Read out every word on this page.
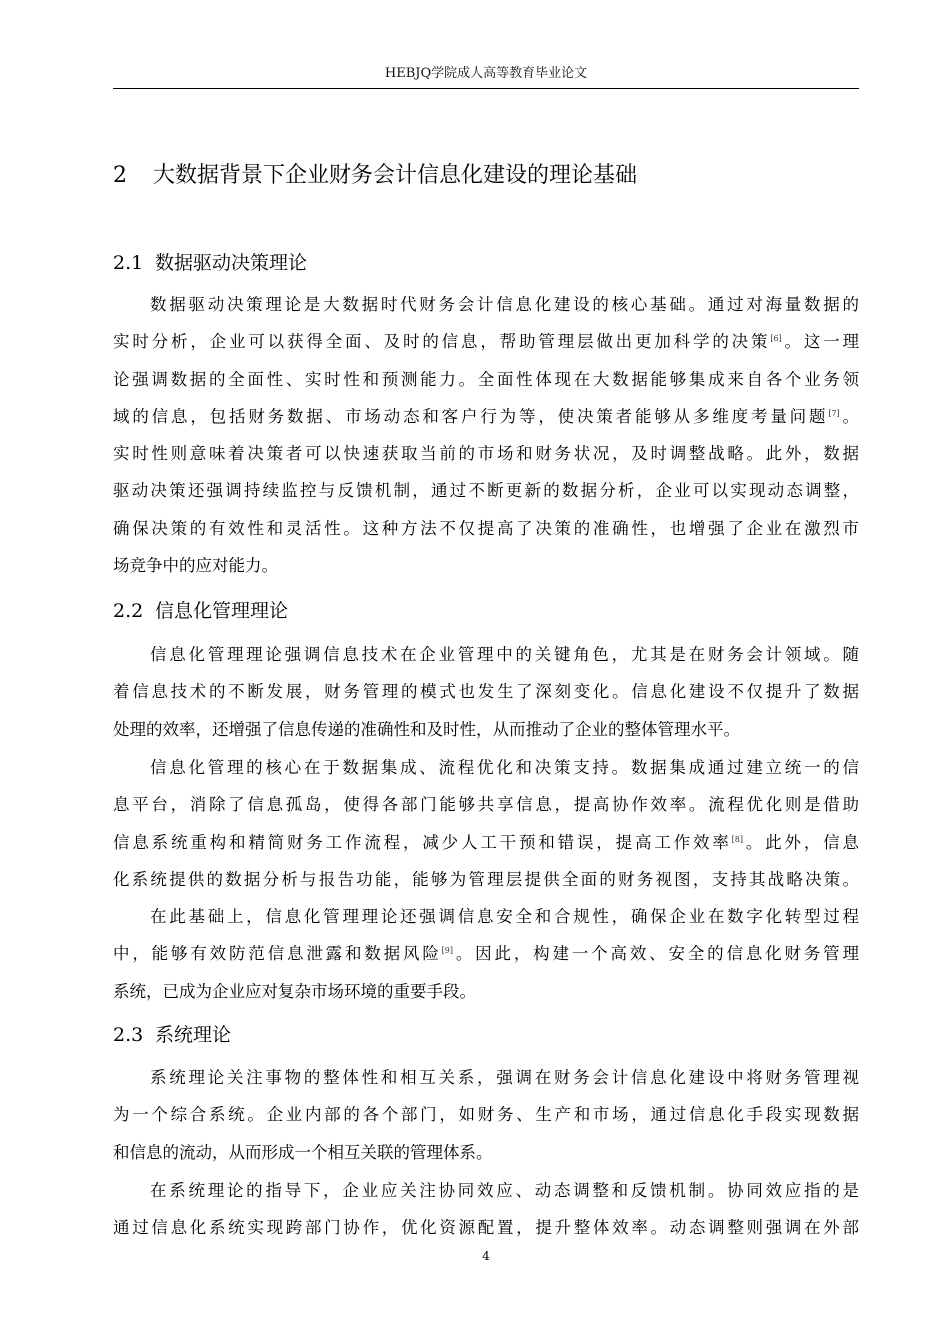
HEBJQ学院成人高等教育毕业论文
2 大数据背景下企业财务会计信息化建设的理论基础
2.1 数据驱动决策理论
数据驱动决策理论是大数据时代财务会计信息化建设的核心基础。通过对海量数据的
实时分析，企业可以获得全面、及时的信息，帮助管理层做出更加科学的决策[6]。这一理
论强调数据的全面性、实时性和预测能力。全面性体现在大数据能够集成来自各个业务领
域的信息，包括财务数据、市场动态和客户行为等，使决策者能够从多维度考量问题[7]。
实时性则意味着决策者可以快速获取当前的市场和财务状况，及时调整战略。此外，数据
驱动决策还强调持续监控与反馈机制，通过不断更新的数据分析，企业可以实现动态调整，
确保决策的有效性和灵活性。这种方法不仅提高了决策的准确性，也增强了企业在激烈市
场竞争中的应对能力。
2.2 信息化管理理论
信息化管理理论强调信息技术在企业管理中的关键角色，尤其是在财务会计领域。随
着信息技术的不断发展，财务管理的模式也发生了深刻变化。信息化建设不仅提升了数据
处理的效率，还增强了信息传递的准确性和及时性，从而推动了企业的整体管理水平。
信息化管理的核心在于数据集成、流程优化和决策支持。数据集成通过建立统一的信
息平台，消除了信息孤岛，使得各部门能够共享信息，提高协作效率。流程优化则是借助
信息系统重构和精简财务工作流程，减少人工干预和错误，提高工作效率[8]。此外，信息
化系统提供的数据分析与报告功能，能够为管理层提供全面的财务视图，支持其战略决策。
在此基础上，信息化管理理论还强调信息安全和合规性，确保企业在数字化转型过程
中，能够有效防范信息泄露和数据风险[9]。因此，构建一个高效、安全的信息化财务管理
系统，已成为企业应对复杂市场环境的重要手段。
2.3 系统理论
系统理论关注事物的整体性和相互关系，强调在财务会计信息化建设中将财务管理视
为一个综合系统。企业内部的各个部门，如财务、生产和市场，通过信息化手段实现数据
和信息的流动，从而形成一个相互关联的管理体系。
在系统理论的指导下，企业应关注协同效应、动态调整和反馈机制。协同效应指的是
通过信息化系统实现跨部门协作，优化资源配置，提升整体效率。动态调整则强调在外部
4
